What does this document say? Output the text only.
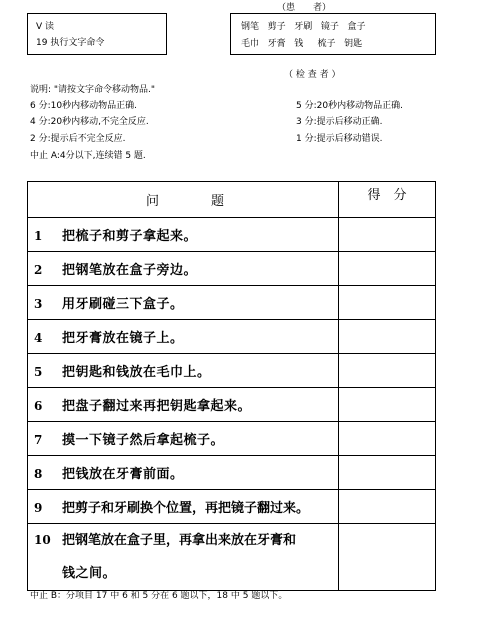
（患　　者）
V 读
19 执行文字命令
钢笔 剪子 牙刷 镜子 盒子
毛巾 牙膏 钱 梳子 钥匙
（ 检 查 者 ）
说明: "请按文字命令移动物品."
6 分:10秒内移动物品正确.	5 分:20秒内移动物品正确.
4 分:20秒内移动,不完全反应.	3 分:提示后移动正确.
2 分:提示后不完全反应.	1 分:提示后移动错误.
中止 A:4分以下,连续错 5 题.
问　　　　题	得　分
1 把梳子和剪子拿起来。	
2 把钢笔放在盒子旁边。	
3 用牙刷碰三下盒子。	
4 把牙膏放在镜子上。	
5 把钥匙和钱放在毛巾上。	
6 把盘子翻过来再把钥匙拿起来。	
7 摸一下镜子然后拿起梳子。	
8 把钱放在牙膏前面。	
9 把剪子和牙刷换个位置，再把镜子翻过来。	

10 把钢笔放在盒子里，再拿出来放在牙膏和
钱之间。	

中止 B：分项目 17 中 6 和 5 分在 6 题以下，18 中 5 题以下。
